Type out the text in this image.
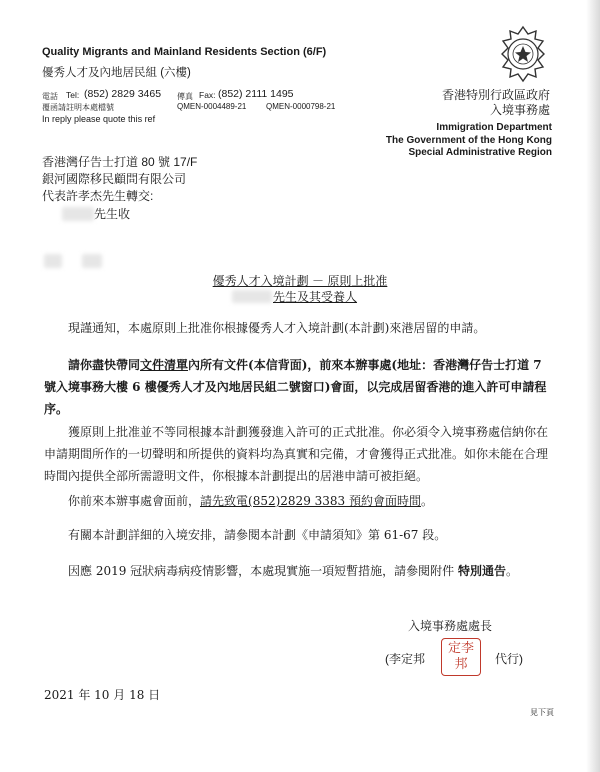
Quality Migrants and Mainland Residents Section (6/F)
優秀人才及內地居民組 (六樓)
電話 Tel: (852) 2829 3465 傳真 Fax: (852) 2111 1495
覆函請註明本處檔號	QMEN-0004489-21 QMEN-0000798-21
In reply please quote this ref
香港特別行政區政府
入境事務處
Immigration Department
The Government of the Hong Kong
Special Administrative Region
香港灣仔告士打道 80 號 17/F
銀河國際移民顧問有限公司
代表許孝杰先生轉交:
先生收
優秀人才入境計劃 － 原則上批准
先生及其受養人

現謹通知，本處原則上批准你根據優秀人才入境計劃(本計劃)來港居留的申請。

請你盡快帶同文件清單內所有文件(本信背面)，前來本辦事處(地址：香港灣仔告士打道 7 號入境事務大樓 6 樓優秀人才及內地居民組二號窗口)會面，以完成居留香港的進入許可申請程序。

獲原則上批准並不等同根據本計劃獲發進入許可的正式批准。你必須令入境事務處信納你在申請期間所作的一切聲明和所提供的資料均為真實和完備，才會獲得正式批准。如你未能在合理時間內提供全部所需證明文件，你根據本計劃提出的居港申請可被拒絕。

你前來本辦事處會面前，請先致電(852)2829 3383 預約會面時間。

有關本計劃詳細的入境安排，請參閱本計劃《申請須知》第 61-67 段。

因應 2019 冠狀病毒病疫情影響，本處現實施一項短暫措施，請參閱附件 特別通告。

入境事務處處長
(李定邦
定李邦	代行)
2021 年 10 月 18 日
見下頁
